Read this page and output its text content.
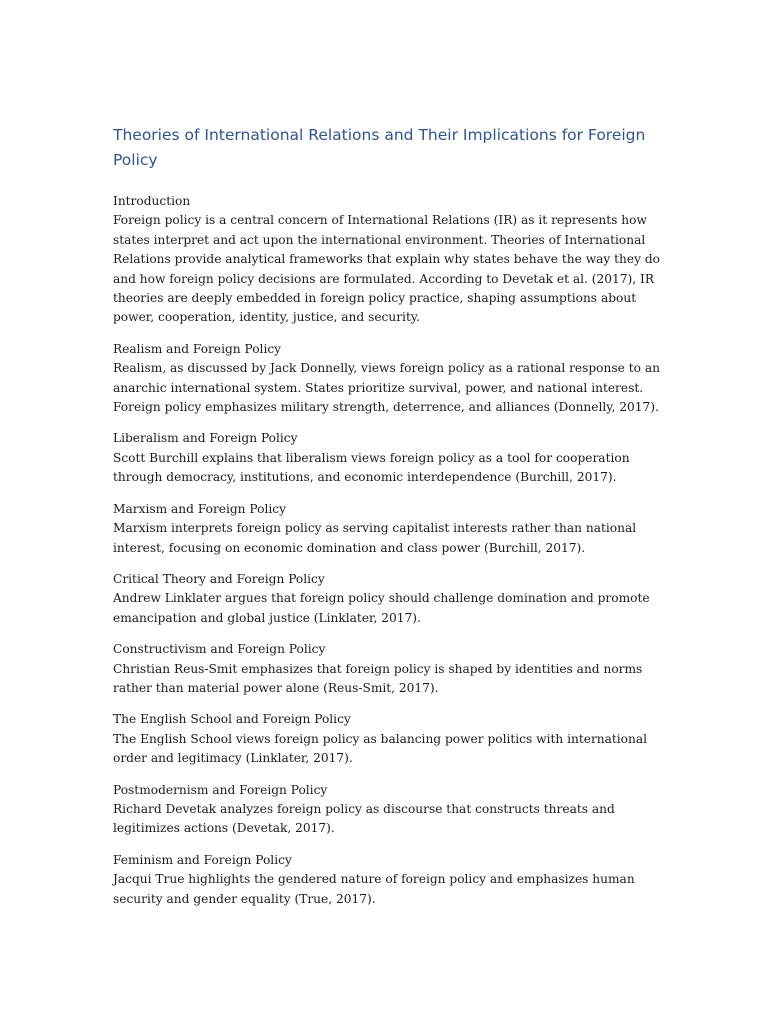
Theories of International Relations and Their Implications for Foreign Policy

Introduction
Foreign policy is a central concern of International Relations (IR) as it represents how states interpret and act upon the international environment. Theories of International Relations provide analytical frameworks that explain why states behave the way they do and how foreign policy decisions are formulated. According to Devetak et al. (2017), IR theories are deeply embedded in foreign policy practice, shaping assumptions about power, cooperation, identity, justice, and security.

Realism and Foreign Policy
Realism, as discussed by Jack Donnelly, views foreign policy as a rational response to an anarchic international system. States prioritize survival, power, and national interest. Foreign policy emphasizes military strength, deterrence, and alliances (Donnelly, 2017).

Liberalism and Foreign Policy
Scott Burchill explains that liberalism views foreign policy as a tool for cooperation through democracy, institutions, and economic interdependence (Burchill, 2017).

Marxism and Foreign Policy
Marxism interprets foreign policy as serving capitalist interests rather than national interest, focusing on economic domination and class power (Burchill, 2017).

Critical Theory and Foreign Policy
Andrew Linklater argues that foreign policy should challenge domination and promote emancipation and global justice (Linklater, 2017).

Constructivism and Foreign Policy
Christian Reus-Smit emphasizes that foreign policy is shaped by identities and norms rather than material power alone (Reus-Smit, 2017).

The English School and Foreign Policy
The English School views foreign policy as balancing power politics with international order and legitimacy (Linklater, 2017).

Postmodernism and Foreign Policy
Richard Devetak analyzes foreign policy as discourse that constructs threats and legitimizes actions (Devetak, 2017).

Feminism and Foreign Policy
Jacqui True highlights the gendered nature of foreign policy and emphasizes human security and gender equality (True, 2017).
